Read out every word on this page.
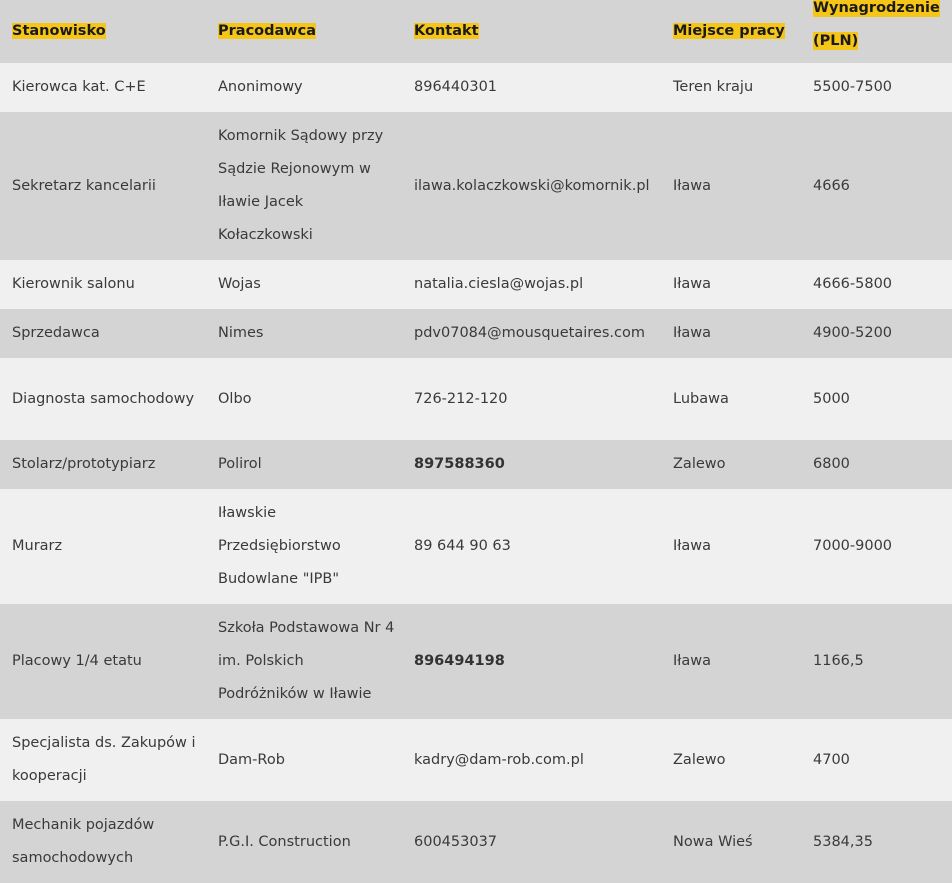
Stanowisko	Pracodawca	Kontakt	Miejsce pracy	Wynagrodzenie
(PLN)

Kierowca kat. C+E	Anonimowy	896440301	Teren kraju	5500-7500
Sekretarz kancelarii	Komornik Sądowy przy Sądzie Rejonowym w Iławie Jacek Kołaczkowski	ilawa.kolaczkowski@komornik.pl	Iława	4666
Kierownik salonu	Wojas	natalia.ciesla@wojas.pl	Iława	4666-5800
Sprzedawca	Nimes	pdv07084@mousquetaires.com	Iława	4900-5200
Diagnosta samochodowy	Olbo	726-212-120	Lubawa	5000
Stolarz/prototypiarz	Polirol	897588360	Zalewo	6800
Murarz	Iławskie Przedsiębiorstwo Budowlane "IPB"	89 644 90 63	Iława	7000-9000
Placowy 1/4 etatu	Szkoła Podstawowa Nr 4 im. Polskich Podróżników w Iławie	896494198	Iława	1166,5
Specjalista ds. Zakupów i kooperacji	Dam-Rob	kadry@dam-rob.com.pl	Zalewo	4700
Mechanik pojazdów samochodowych	P.G.I. Construction	600453037	Nowa Wieś	5384,35
